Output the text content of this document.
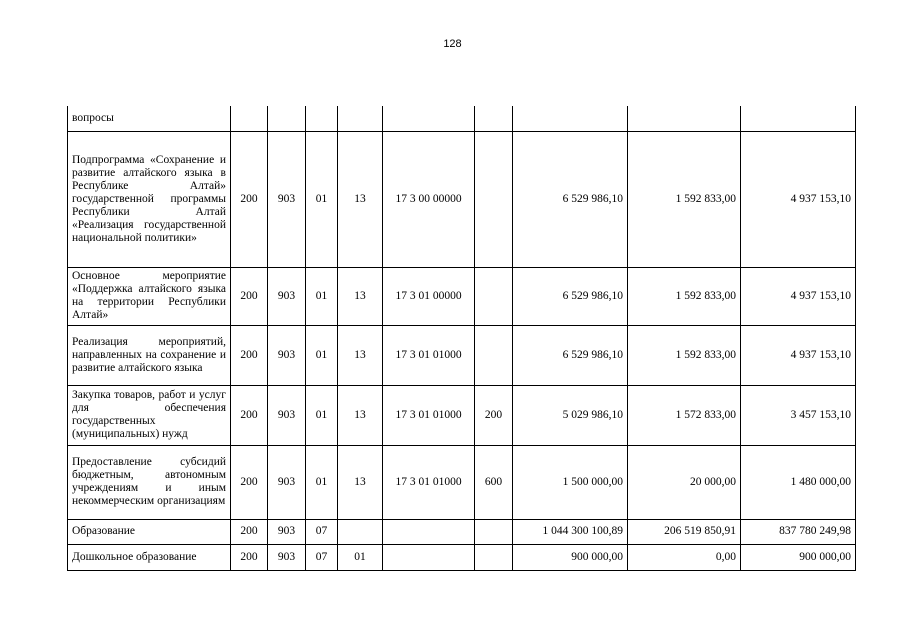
128
вопросы									
Подпрограмма «Сохранение и развитие алтайского языка в Республике Алтай» государственной программы Республики Алтай «Реализация государственной национальной политики»	200	903	01	13	17 3 00 00000		6 529 986,10	1 592 833,00	4 937 153,10
Основное мероприятие «Поддержка алтайского языка на территории Республики Алтай»	200	903	01	13	17 3 01 00000		6 529 986,10	1 592 833,00	4 937 153,10
Реализация мероприятий, направленных на сохранение и развитие алтайского языка	200	903	01	13	17 3 01 01000		6 529 986,10	1 592 833,00	4 937 153,10
Закупка товаров, работ и услуг для обеспечения государственных (муниципальных) нужд	200	903	01	13	17 3 01 01000	200	5 029 986,10	1 572 833,00	3 457 153,10
Предоставление субсидий бюджетным, автономным учреждениям и иным некоммерческим организациям	200	903	01	13	17 3 01 01000	600	1 500 000,00	20 000,00	1 480 000,00
Образование	200	903	07				1 044 300 100,89	206 519 850,91	837 780 249,98
Дошкольное образование	200	903	07	01			900 000,00	0,00	900 000,00
